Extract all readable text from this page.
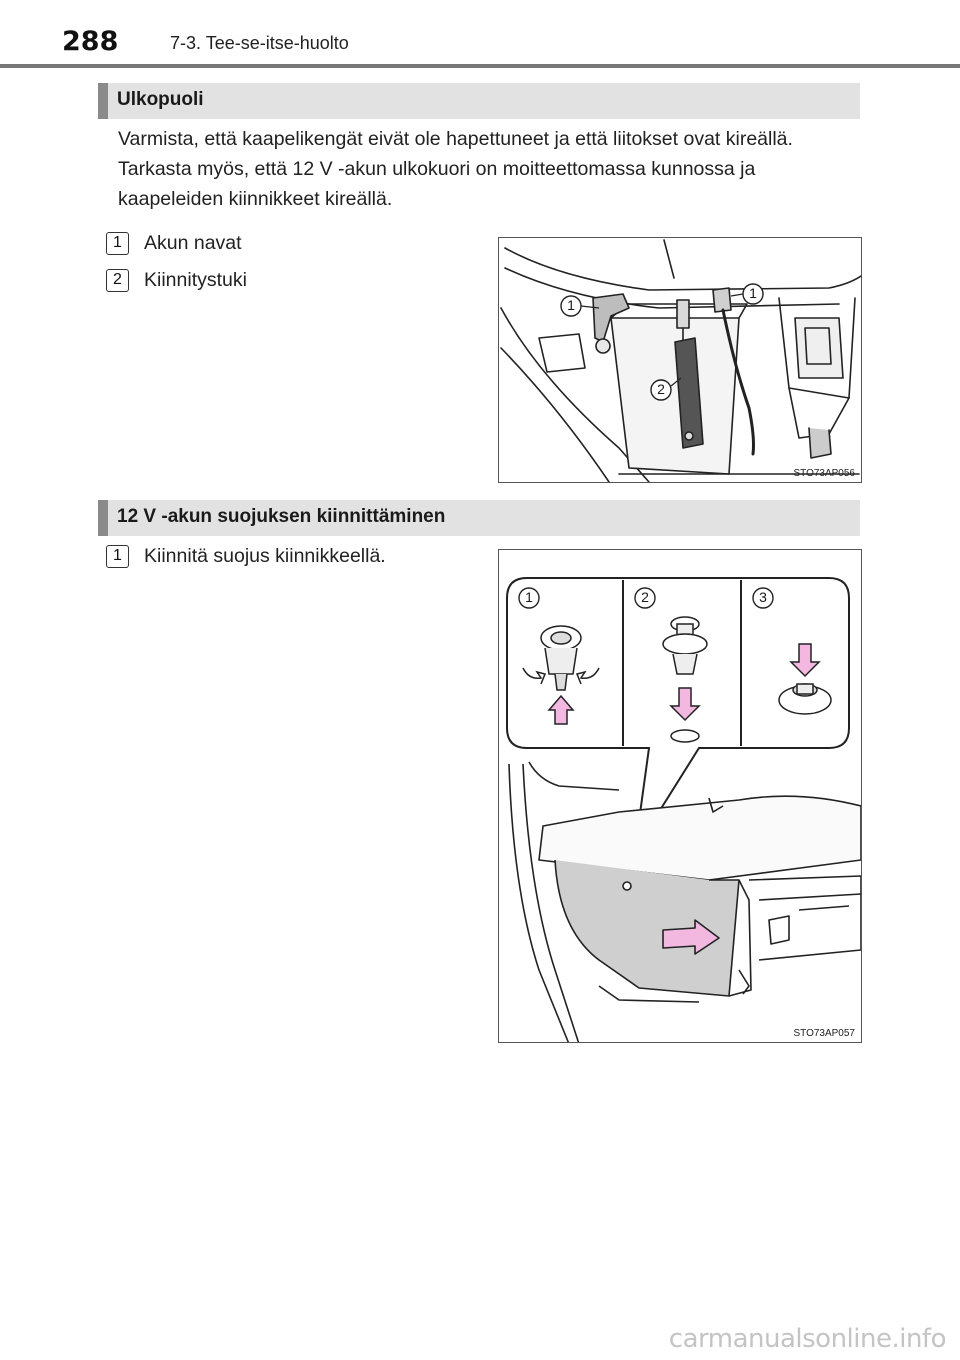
288	7-3. Tee-se-itse-huolto
Ulkopuoli
Varmista, että kaapelikengät eivät ole hapettuneet ja että liitokset ovat kireällä. Tarkasta myös, että 12 V -akun ulkokuori on moitteettomassa kunnossa ja kaapeleiden kiinnikkeet kireällä.
1	Akun navat
2	Kiinnitystuki
1
1
2
STO73AP056
12 V -akun suojuksen kiinnittäminen
1	Kiinnitä suojus kiinnikkeellä.
1	2	3
STO73AP057
carmanualsonline.info
